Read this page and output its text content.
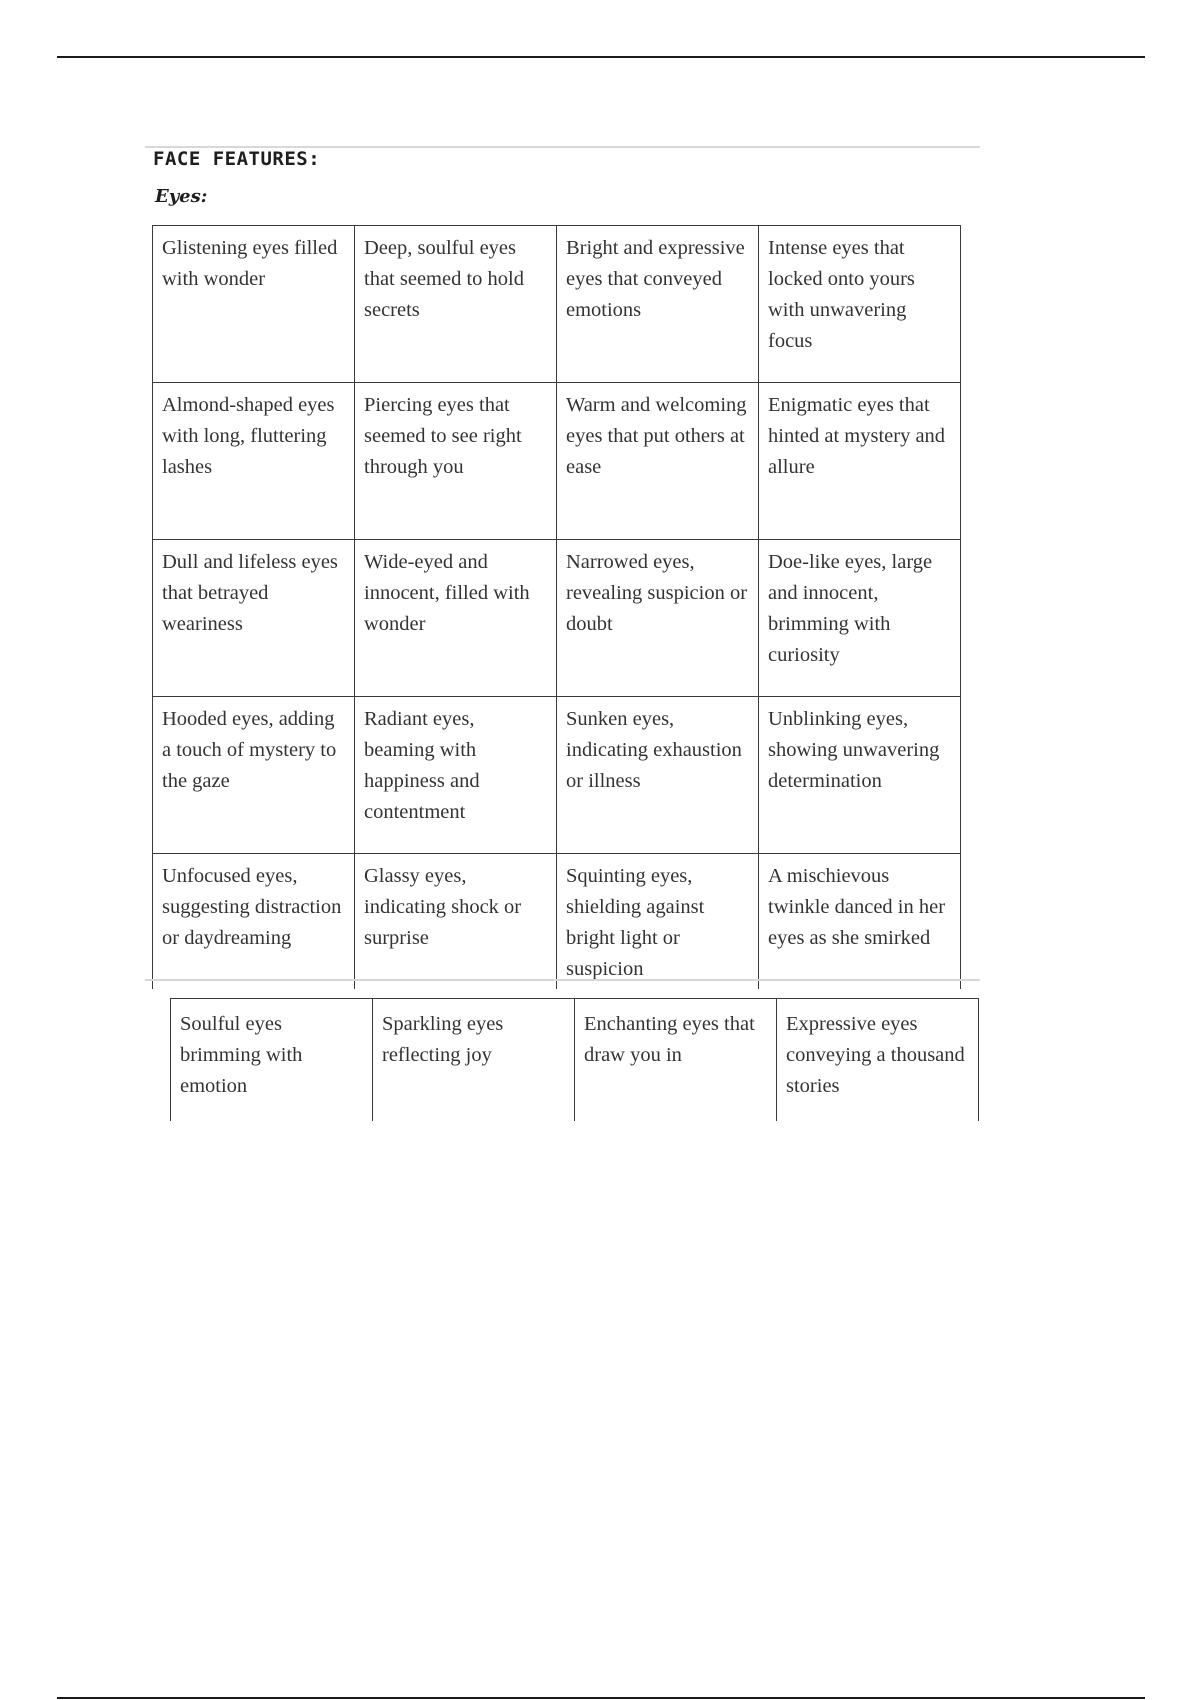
FACE FEATURES:
Eyes:
Glistening eyes filled with wonder	Deep, soulful eyes that seemed to hold secrets	Bright and expressive eyes that conveyed emotions	Intense eyes that locked onto yours with unwavering focus
Almond-shaped eyes with long, fluttering lashes	Piercing eyes that seemed to see right through you	Warm and welcoming eyes that put others at ease	Enigmatic eyes that hinted at mystery and allure
Dull and lifeless eyes that betrayed weariness	Wide-eyed and innocent, filled with wonder	Narrowed eyes, revealing suspicion or doubt	Doe-like eyes, large and innocent, brimming with curiosity
Hooded eyes, adding a touch of mystery to the gaze	Radiant eyes, beaming with happiness and contentment	Sunken eyes, indicating exhaustion or illness	Unblinking eyes, showing unwavering determination
Unfocused eyes, suggesting distraction or daydreaming	Glassy eyes, indicating shock or surprise	Squinting eyes, shielding against bright light or suspicion	A mischievous twinkle danced in her eyes as she smirked
Soulful eyes brimming with emotion	Sparkling eyes reflecting joy	Enchanting eyes that draw you in	Expressive eyes conveying a thousand stories
